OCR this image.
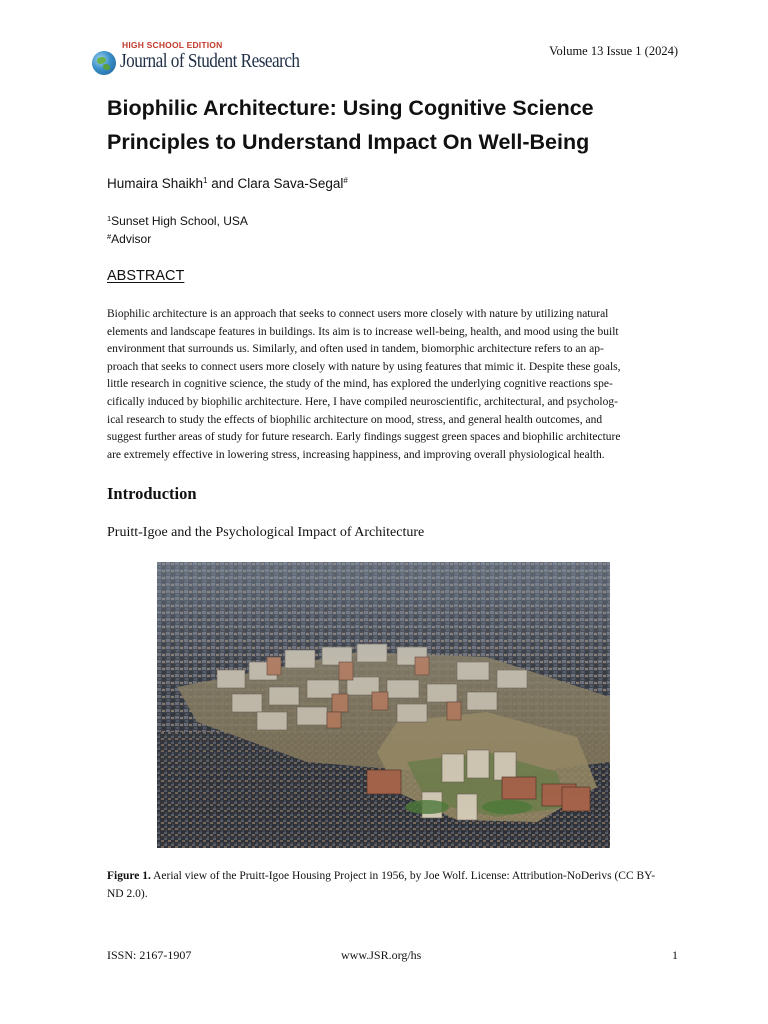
HIGH SCHOOL EDITION
Journal of Student Research	Volume 13 Issue 1 (2024)
Biophilic Architecture: Using Cognitive Science Principles to Understand Impact On Well-Being
Humaira Shaikh$^1$ and Clara Sava-Segal#
$^1$Sunset High School, USA
#Advisor
ABSTRACT
Biophilic architecture is an approach that seeks to connect users more closely with nature by utilizing natural
elements and landscape features in buildings. Its aim is to increase well-being, health, and mood using the built
environment that surrounds us. Similarly, and often used in tandem, biomorphic architecture refers to an ap-
proach that seeks to connect users more closely with nature by using features that mimic it. Despite these goals,
little research in cognitive science, the study of the mind, has explored the underlying cognitive reactions spe-
cifically induced by biophilic architecture. Here, I have compiled neuroscientific, architectural, and psycholog-
ical research to study the effects of biophilic architecture on mood, stress, and general health outcomes, and
suggest further areas of study for future research. Early findings suggest green spaces and biophilic architecture
are extremely effective in lowering stress, increasing happiness, and improving overall physiological health.
Introduction
Pruitt-Igoe and the Psychological Impact of Architecture
Figure 1. Aerial view of the Pruitt-Igoe Housing Project in 1956, by Joe Wolf. License: Attribution-NoDerivs (CC BY-ND 2.0).
ISSN: 2167-1907	www.JSR.org/hs	1
